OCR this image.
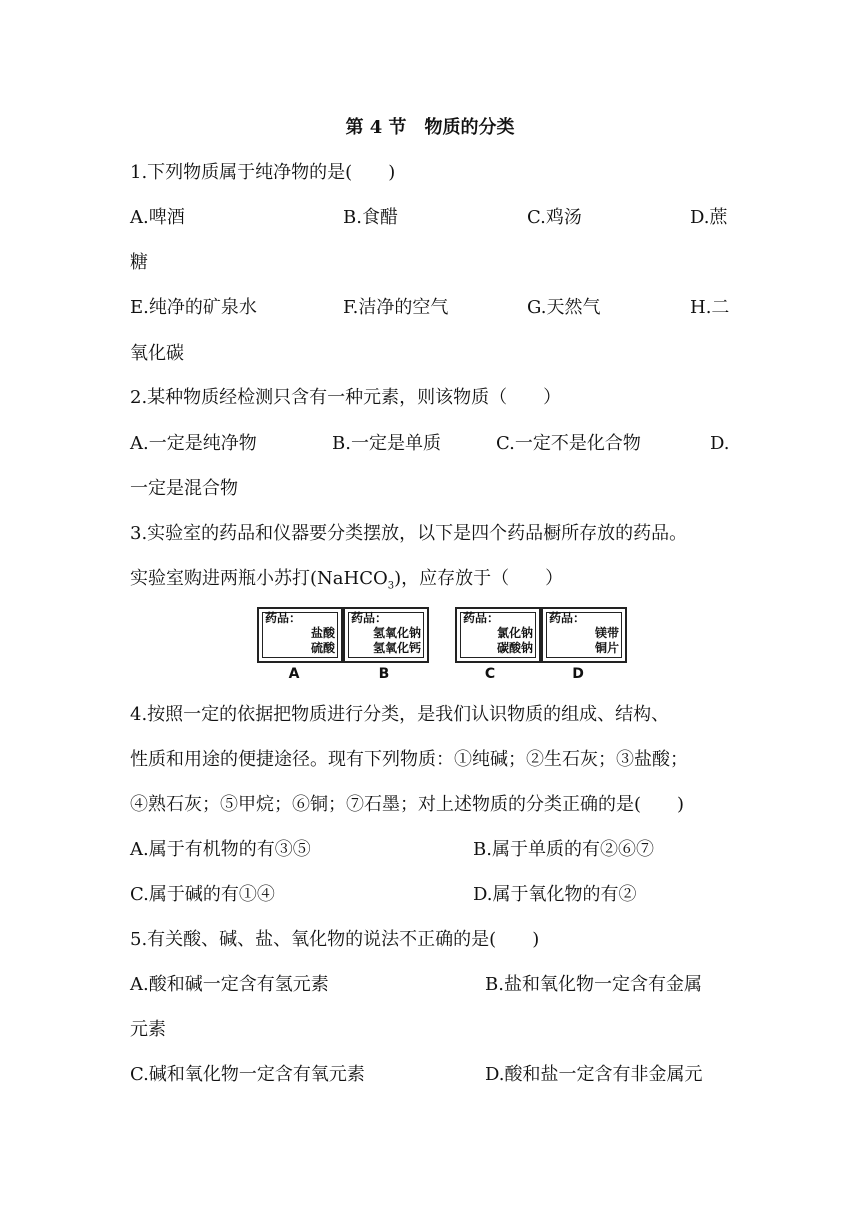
第 4 节　物质的分类
1.下列物质属于纯净物的是(　　)
A.啤酒	B.食醋	C.鸡汤	D.蔗
糖
E.纯净的矿泉水	F.洁净的空气	G.天然气	H.二
氧化碳
2.某种物质经检测只含有一种元素，则该物质（　　）
A.一定是纯净物	B.一定是单质	C.一定不是化合物	D.
一定是混合物
3.实验室的药品和仪器要分类摆放，以下是四个药品橱所存放的药品。
实验室购进两瓶小苏打(NaHCO$_3$)，应存放于（　　）
药品：
盐酸
硫酸
药品：
氢氧化钠
氢氧化钙
药品：
氯化钠
碳酸钠
药品：
镁带
铜片
A	B	C	D
4.按照一定的依据把物质进行分类，是我们认识物质的组成、结构、
性质和用途的便捷途径。现有下列物质：①纯碱；②生石灰；③盐酸；
④熟石灰；⑤甲烷；⑥铜；⑦石墨；对上述物质的分类正确的是(　　)
A.属于有机物的有③⑤	B.属于单质的有②⑥⑦
C.属于碱的有①④	D.属于氧化物的有②
5.有关酸、碱、盐、氧化物的说法不正确的是(　　)
A.酸和碱一定含有氢元素	B.盐和氧化物一定含有金属
元素
C.碱和氧化物一定含有氧元素	D.酸和盐一定含有非金属元
